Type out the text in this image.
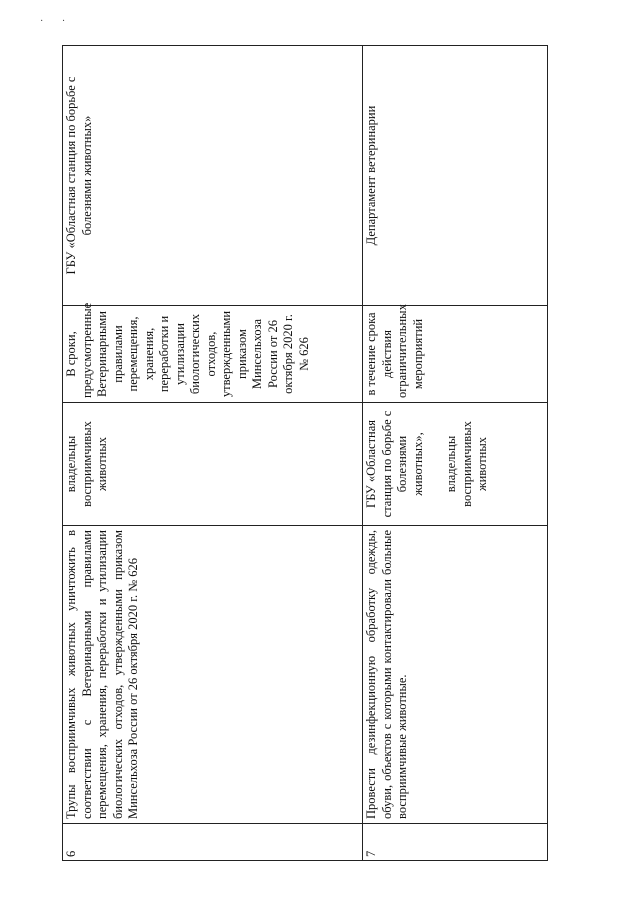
· ·
6	Трупы восприимчивых животных уничтожить в соответствии с Ветеринарными правилами перемещения, хранения, переработки и утилизации биологических отходов, утвержденными приказом Минсельхоза России от 26 октября 2020 г. № 626	владельцы восприимчивых животных	В сроки, предусмотренные Ветеринарными правилами перемещения, хранения, переработки и утилизации биологических отходов, утвержденными приказом Минсельхоза России от 26 октября 2020 г. № 626	ГБУ «Областная станция по борьбе с болезнями животных»
7	Провести дезинфекционную обработку одежды, обуви, объектов с которыми контактировали больные восприимчивые животные.	ГБУ «Областная станция по борьбе с болезнями животных», владельцы восприимчивых животных	в течение срока действия ограничительных мероприятий	Департамент ветеринарии
